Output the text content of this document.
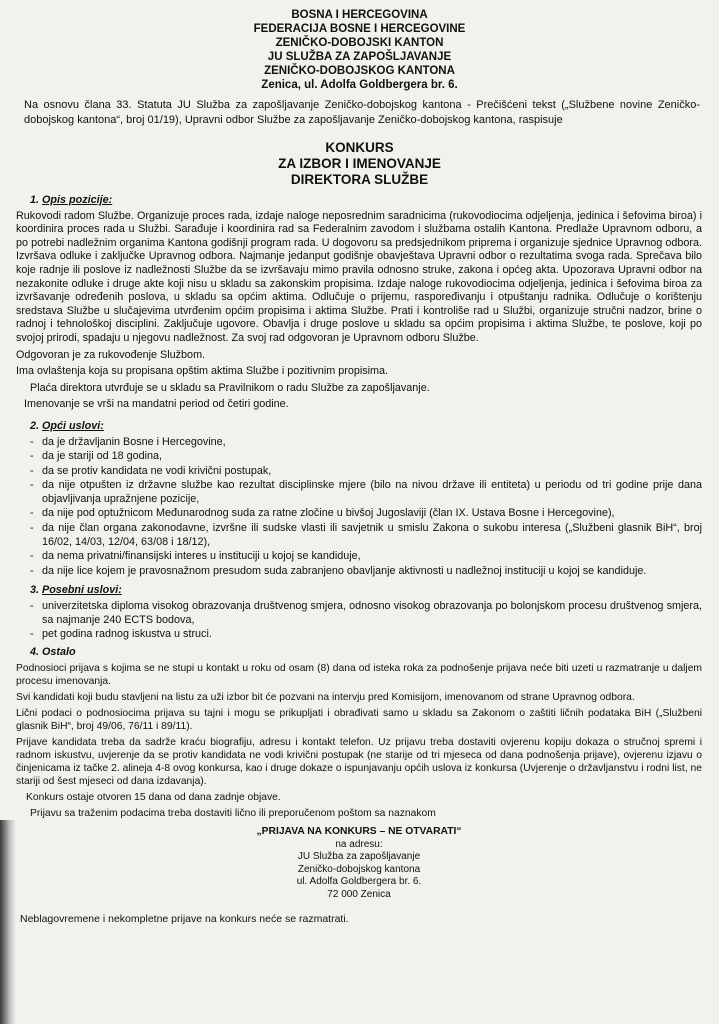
BOSNA I HERCEGOVINA
FEDERACIJA BOSNE I HERCEGOVINE
ZENIČKO-DOBOJSKI KANTON
JU SLUŽBA ZA ZAPOŠLJAVANJE
ZENIČKO-DOBOJSKOG KANTONA
Zenica, ul. Adolfa Goldbergera br. 6.

Na osnovu člana 33. Statuta JU Služba za zapošljavanje Zeničko-dobojskog kantona - Prečišćeni tekst („Službene novine Zeničko-dobojskog kantona“, broj 01/19), Upravni odbor Službe za zapošljavanje Zeničko-dobojskog kantona, raspisuje

KONKURS
ZA IZBOR I IMENOVANJE
DIREKTORA SLUŽBE
1. Opis pozicije:

Rukovodi radom Službe. Organizuje proces rada, izdaje naloge neposrednim saradnicima (rukovodiocima odjeljenja, jedinica i šefovima biroa) i koordinira proces rada u Službi. Sarađuje i koordinira rad sa Federalnim zavodom i službama ostalih Kantona. Predlaže Upravnom odboru, a po potrebi nadležnim organima Kantona godišnji program rada. U dogovoru sa predsjednikom priprema i organizuje sjednice Upravnog odbora. Izvršava odluke i zaključke Upravnog odbora. Najmanje jedanput godišnje obavještava Upravni odbor o rezultatima svoga rada. Sprečava bilo koje radnje ili poslove iz nadležnosti Službe da se izvršavaju mimo pravila odnosno struke, zakona i općeg akta. Upozorava Upravni odbor na nezakonite odluke i druge akte koji nisu u skladu sa zakonskim propisima. Izdaje naloge rukovodiocima odjeljenja, jedinica i šefovima biroa za izvršavanje određenih poslova, u skladu sa općim aktima. Odlučuje o prijemu, raspoređivanju i otpuštanju radnika. Odlučuje o korištenju sredstava Službe u slučajevima utvrđenim općim propisima i aktima Službe. Prati i kontroliše rad u Službi, organizuje stručni nadzor, brine o radnoj i tehnološkoj disciplini. Zaključuje ugovore. Obavlja i druge poslove u skladu sa općim propisima i aktima Službe, te poslove, koji po svojoj prirodi, spadaju u njegovu nadležnost. Za svoj rad odgovoran je Upravnom odboru Službe.

Odgovoran je za rukovođenje Službom.

Ima ovlaštenja koja su propisana opštim aktima Službe i pozitivnim propisima.

Plaća direktora utvrđuje se u skladu sa Pravilnikom o radu Službe za zapošljavanje.

Imenovanje se vrši na mandatni period od četiri godine.

2. Opći uslovi:
- da je državljanin Bosne i Hercegovine,
- da je stariji od 18 godina,
- da se protiv kandidata ne vodi krivični postupak,
- da nije otpušten iz državne službe kao rezultat disciplinske mjere (bilo na nivou države ili entiteta) u periodu od tri godine prije dana objavljivanja upražnjene pozicije,
- da nije pod optužnicom Međunarodnog suda za ratne zločine u bivšoj Jugoslaviji (član IX. Ustava Bosne i Hercegovine),
- da nije član organa zakonodavne, izvršne ili sudske vlasti ili savjetnik u smislu Zakona o sukobu interesa („Službeni glasnik BiH“, broj 16/02, 14/03, 12/04, 63/08 i 18/12),
- da nema privatni/finansijski interes u instituciji u kojoj se kandiduje,
- da nije lice kojem je pravosnažnom presudom suda zabranjeno obavljanje aktivnosti u nadležnoj instituciji u kojoj se kandiduje.
3. Posebni uslovi:
- univerzitetska diploma visokog obrazovanja društvenog smjera, odnosno visokog obrazovanja po bolonjskom procesu društvenog smjera, sa najmanje 240 ECTS bodova,
- pet godina radnog iskustva u struci.
4. Ostalo

Podnosioci prijava s kojima se ne stupi u kontakt u roku od osam (8) dana od isteka roka za podnošenje prijava neće biti uzeti u razmatranje u daljem procesu imenovanja.

Svi kandidati koji budu stavljeni na listu za uži izbor bit će pozvani na intervju pred Komisijom, imenovanom od strane Upravnog odbora.

Lični podaci o podnosiocima prijava su tajni i mogu se prikupljati i obrađivati samo u skladu sa Zakonom o zaštiti ličnih podataka BiH („Službeni glasnik BiH“, broj 49/06, 76/11 i 89/11).

Prijave kandidata treba da sadrže kraću biografiju, adresu i kontakt telefon. Uz prijavu treba dostaviti ovjerenu kopiju dokaza o stručnoj spremi i radnom iskustvu, uvjerenje da se protiv kandidata ne vodi krivični postupak (ne starije od tri mjeseca od dana podnošenja prijave), ovjerenu izjavu o činjenicama iz tačke 2. alineja 4-8 ovog konkursa, kao i druge dokaze o ispunjavanju općih uslova iz konkursa (Uvjerenje o državljanstvu i rodni list, ne stariji od šest mjeseci od dana izdavanja).

Konkurs ostaje otvoren 15 dana od dana zadnje objave.

Prijavu sa traženim podacima treba dostaviti lično ili preporučenom poštom sa naznakom

„PRIJAVA NA KONKURS – NE OTVARATI“
na adresu:
JU Služba za zapošljavanje
Zeničko-dobojskog kantona
ul. Adolfa Goldbergera br. 6.
72 000 Zenica

Neblagovremene i nekompletne prijave na konkurs neće se razmatrati.
